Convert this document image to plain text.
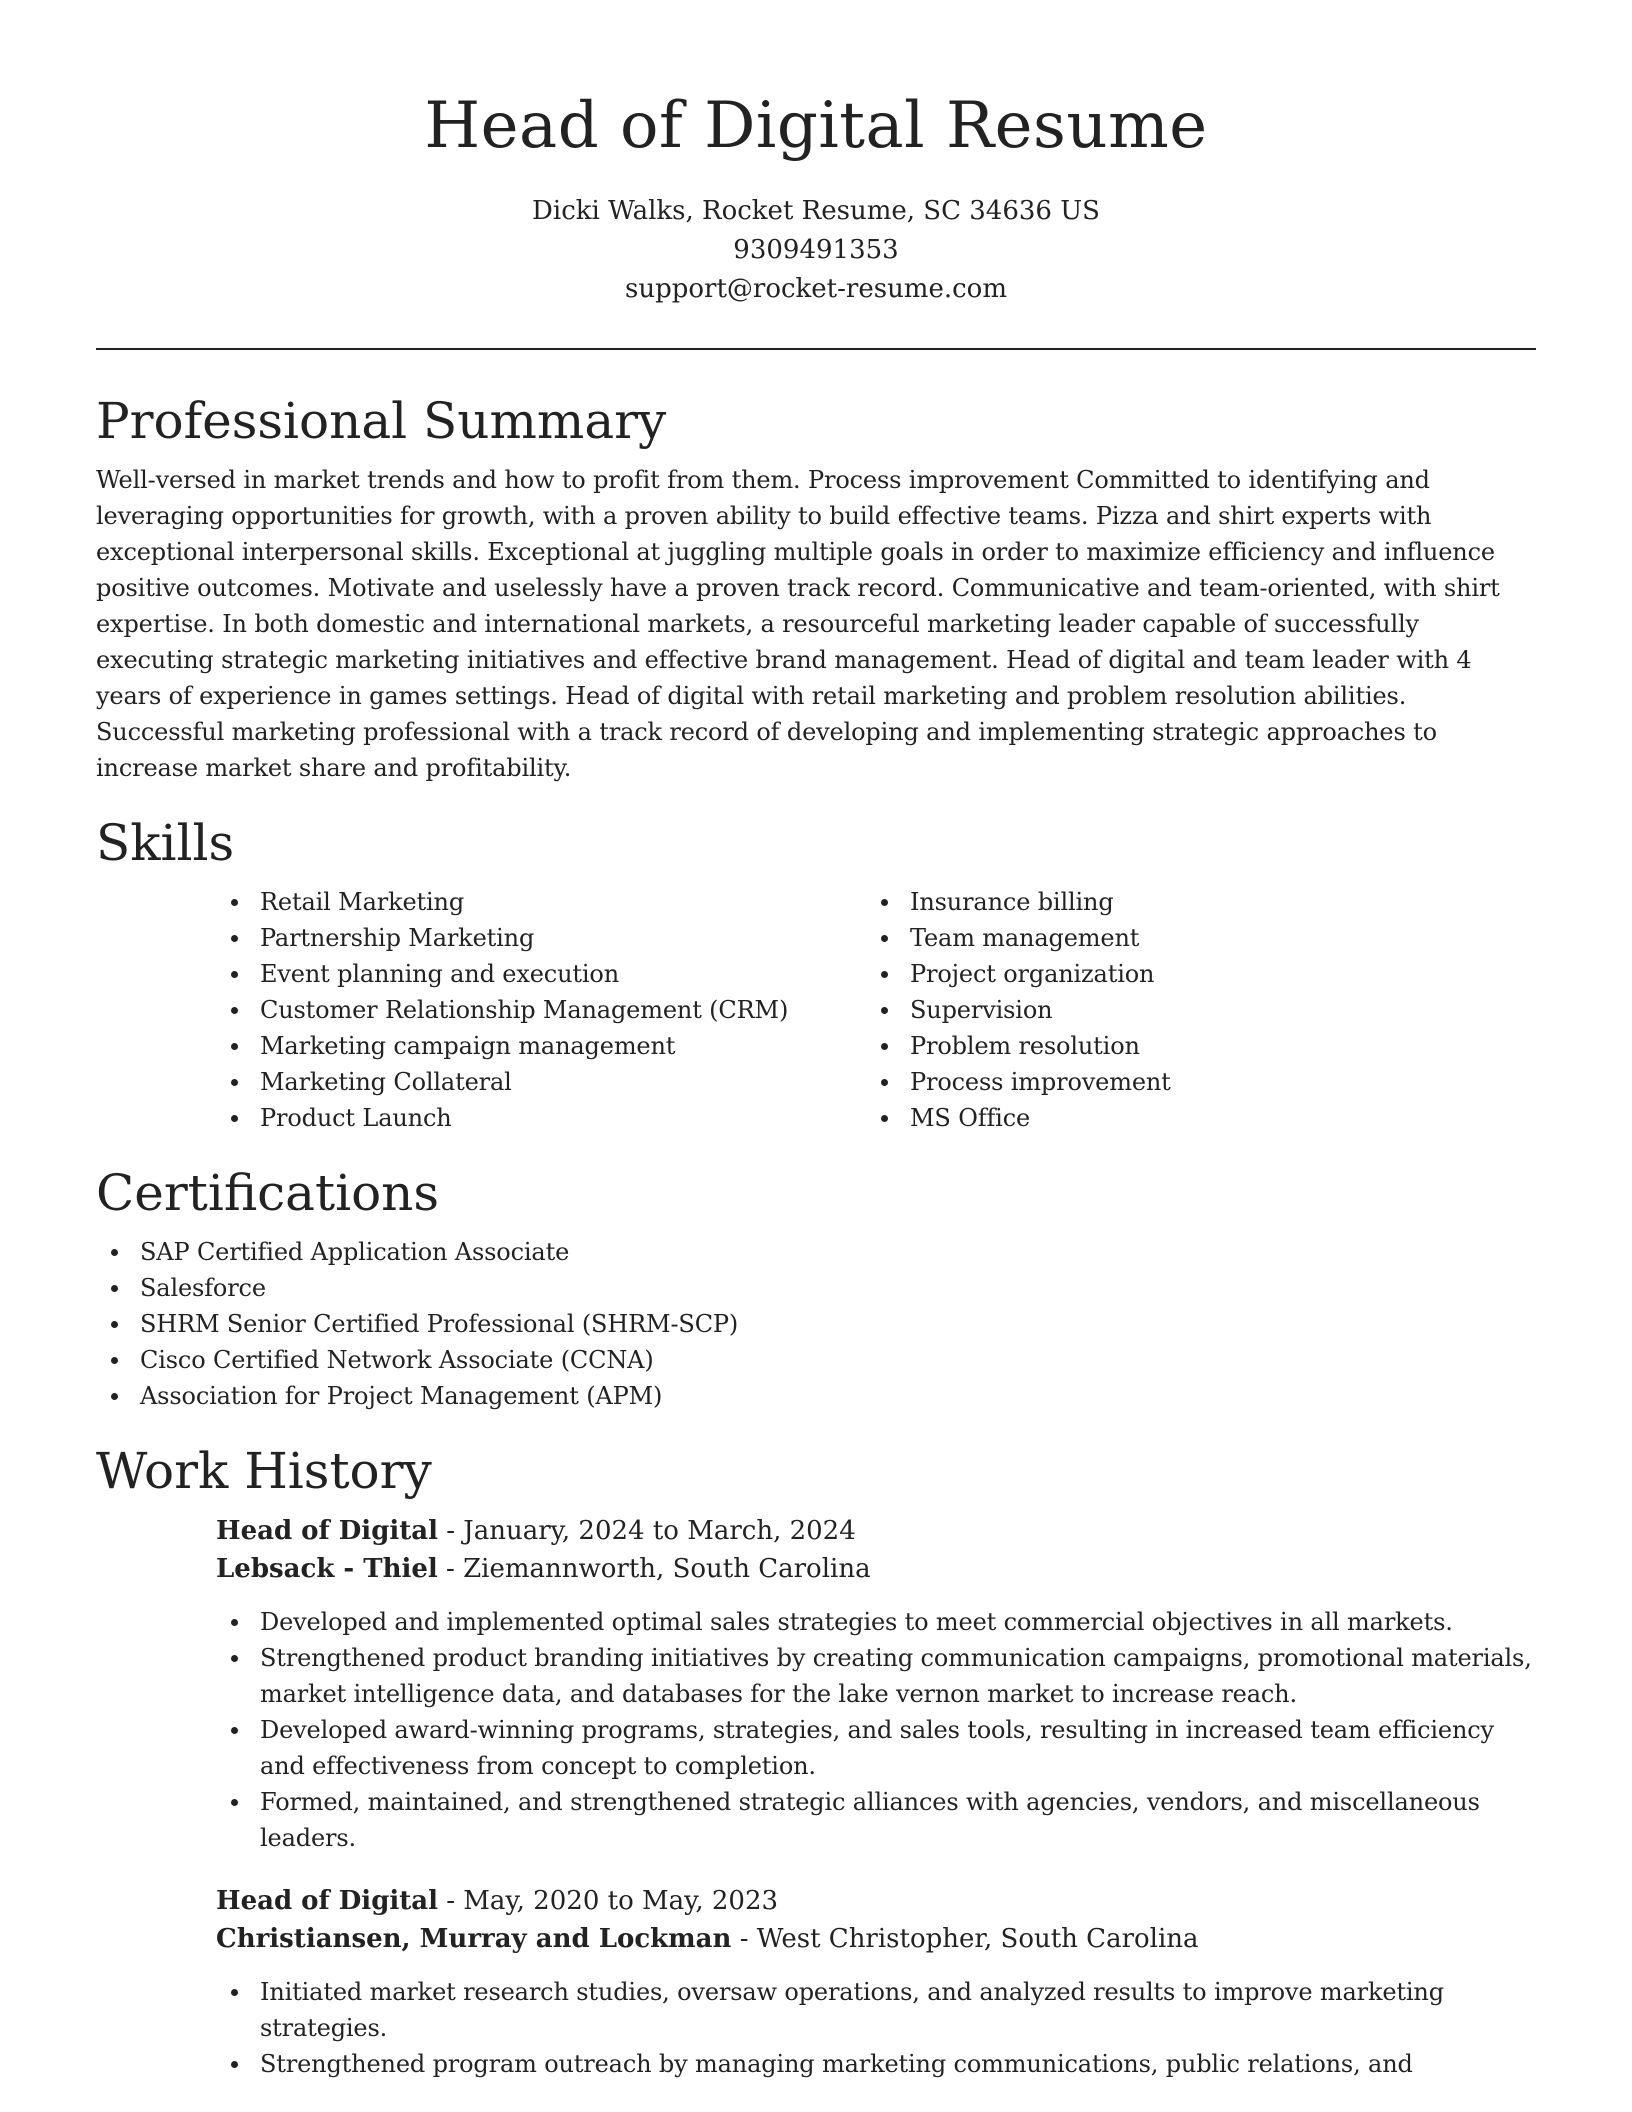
Head of Digital Resume
Dicki Walks, Rocket Resume, SC 34636 US
9309491353
support@rocket-resume.com
Professional Summary

Well-versed in market trends and how to profit from them. Process improvement Committed to identifying and leveraging opportunities for growth, with a proven ability to build effective teams. Pizza and shirt experts with exceptional interpersonal skills. Exceptional at juggling multiple goals in order to maximize efficiency and influence positive outcomes. Motivate and uselessly have a proven track record. Communicative and team-oriented, with shirt expertise. In both domestic and international markets, a resourceful marketing leader capable of successfully executing strategic marketing initiatives and effective brand management. Head of digital and team leader with 4 years of experience in games settings. Head of digital with retail marketing and problem resolution abilities. Successful marketing professional with a track record of developing and implementing strategic approaches to increase market share and profitability.

Skills
Retail Marketing
Partnership Marketing
Event planning and execution
Customer Relationship Management (CRM)
Marketing campaign management
Marketing Collateral
Product Launch
Insurance billing
Team management
Project organization
Supervision
Problem resolution
Process improvement
MS Office
Certifications
SAP Certified Application Associate
Salesforce
SHRM Senior Certified Professional (SHRM-SCP)
Cisco Certified Network Associate (CCNA)
Association for Project Management (APM)
Work History
Head of Digital - January, 2024 to March, 2024
Lebsack - Thiel - Ziemannworth, South Carolina
Developed and implemented optimal sales strategies to meet commercial objectives in all markets.
Strengthened product branding initiatives by creating communication campaigns, promotional materials, market intelligence data, and databases for the lake vernon market to increase reach.
Developed award-winning programs, strategies, and sales tools, resulting in increased team efficiency and effectiveness from concept to completion.
Formed, maintained, and strengthened strategic alliances with agencies, vendors, and miscellaneous leaders.
Head of Digital - May, 2020 to May, 2023
Christiansen, Murray and Lockman - West Christopher, South Carolina
Initiated market research studies, oversaw operations, and analyzed results to improve marketing strategies.
Strengthened program outreach by managing marketing communications, public relations, and
